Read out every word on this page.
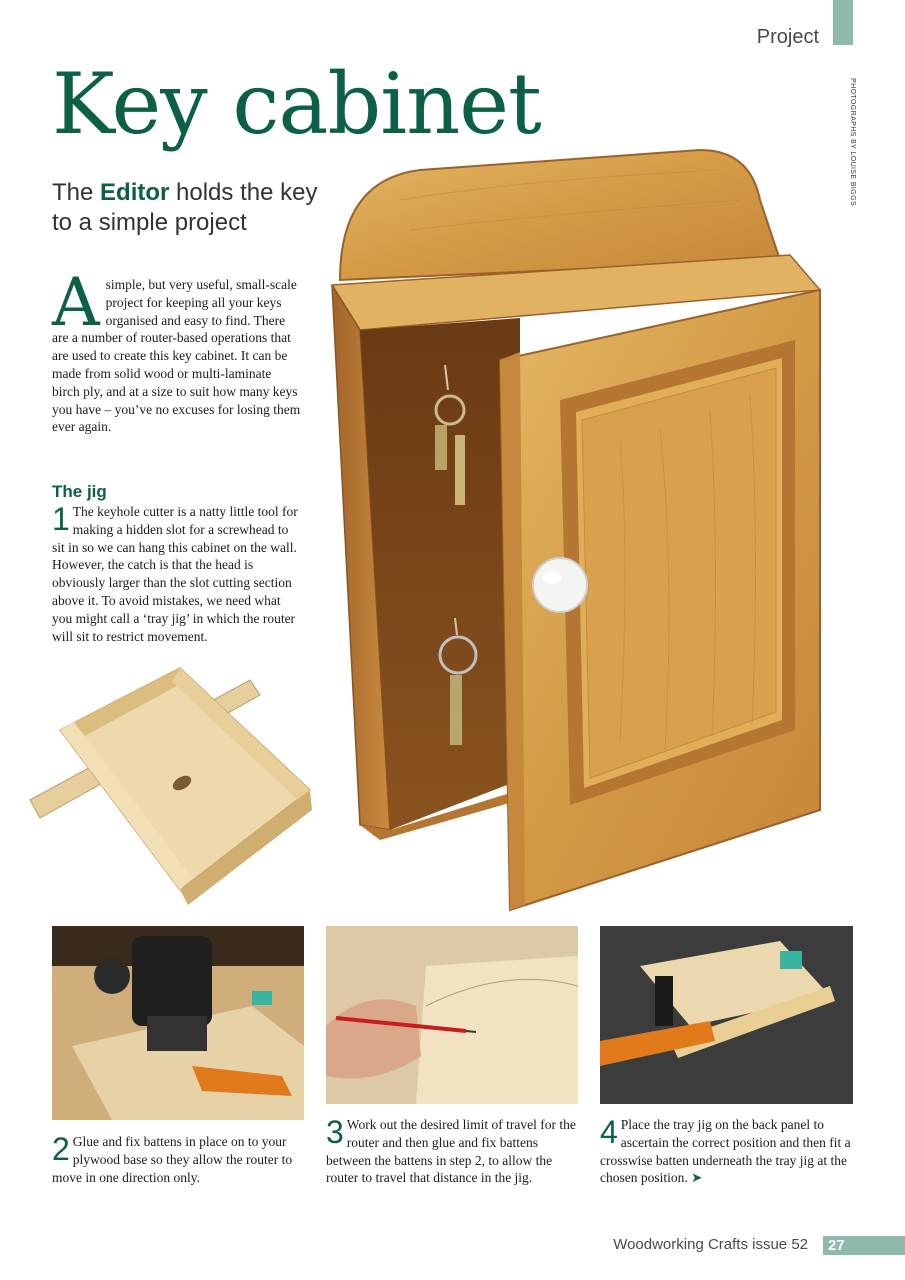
Project
PHOTOGRAPHS BY LOUISE BIGGS
Key cabinet
The Editor holds the key to a simple project
A simple, but very useful, small-scale project for keeping all your keys organised and easy to find. There are a number of router-based operations that are used to create this key cabinet. It can be made from solid wood or multi-laminate birch ply, and at a size to suit how many keys you have – you’ve no excuses for losing them ever again.
The jig
1 The keyhole cutter is a natty little tool for making a hidden slot for a screwhead to sit in so we can hang this cabinet on the wall. However, the catch is that the head is obviously larger than the slot cutting section above it. To avoid mistakes, we need what you might call a ‘tray jig’ in which the router will sit to restrict movement.
2 Glue and fix battens in place on to your plywood base so they allow the router to move in one direction only.
3 Work out the desired limit of travel for the router and then glue and fix battens between the battens in step 2, to allow the router to travel that distance in the jig.
4 Place the tray jig on the back panel to ascertain the correct position and then fit a crosswise batten underneath the tray jig at the chosen position. ➤
Woodworking Crafts issue 52 27
